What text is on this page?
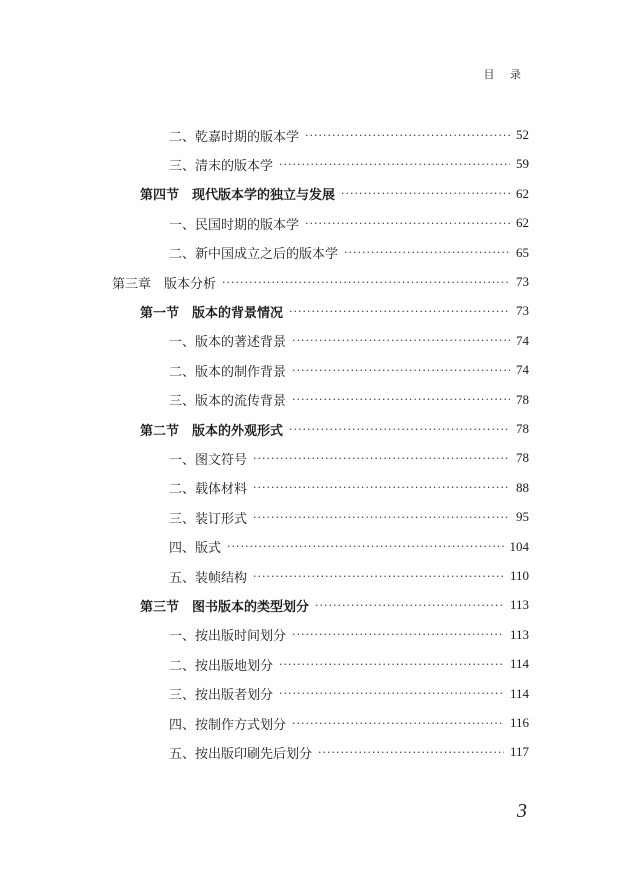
目 录
二、乾嘉时期的版本学 ·····	52
三、清末的版本学 ·····	59
第四节　现代版本学的独立与发展 ·····	62
一、民国时期的版本学 ·····	62
二、新中国成立之后的版本学 ·····	65
第三章　版本分析 ·····	73
第一节　版本的背景情况 ·····	73
一、版本的著述背景 ·····	74
二、版本的制作背景 ·····	74
三、版本的流传背景 ·····	78
第二节　版本的外观形式 ·····	78
一、图文符号 ·····	78
二、载体材料 ·····	88
三、装订形式 ·····	95
四、版式 ·····	104
五、装帧结构 ·····	110
第三节　图书版本的类型划分 ·····	113
一、按出版时间划分 ·····	113
二、按出版地划分 ·····	114
三、按出版者划分 ·····	114
四、按制作方式划分 ·····	116
五、按出版印刷先后划分 ·····	117
3
